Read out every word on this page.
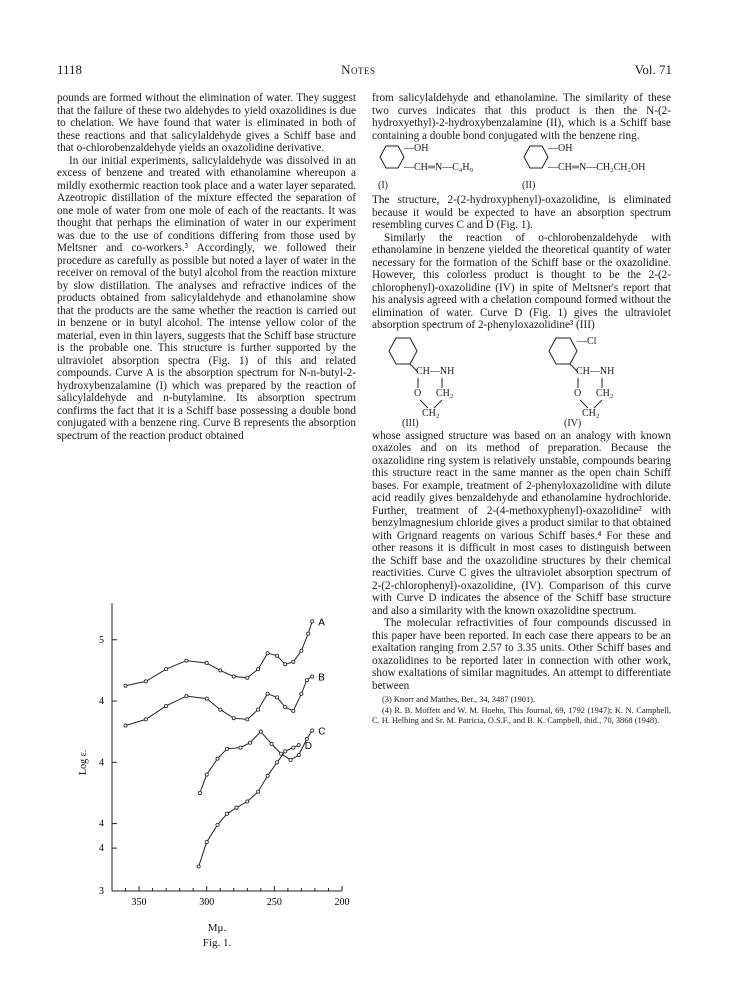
1118	Notes	Vol. 71

pounds are formed without the elimination of water. They suggest that the failure of these two aldehydes to yield oxazolidines is due to chelation. We have found that water is eliminated in both of these reactions and that salicylaldehyde gives a Schiff base and that o-chlorobenzaldehyde yields an oxazolidine derivative.

In our initial experiments, salicylaldehyde was dissolved in an excess of benzene and treated with ethanolamine whereupon a mildly exothermic reaction took place and a water layer separated. Azeotropic distillation of the mixture effected the separation of one mole of water from one mole of each of the reactants. It was thought that perhaps the elimination of water in our experiment was due to the use of conditions differing from those used by Meltsner and co-workers.³ Accordingly, we followed their procedure as carefully as possible but noted a layer of water in the receiver on removal of the butyl alcohol from the reaction mixture by slow distillation. The analyses and refractive indices of the products obtained from salicylaldehyde and ethanolamine show that the products are the same whether the reaction is carried out in benzene or in butyl alcohol. The intense yellow color of the material, even in thin layers, suggests that the Schiff base structure is the probable one. This structure is further supported by the ultraviolet absorption spectra (Fig. 1) of this and related compounds. Curve A is the absorption spectrum for N-n-butyl-2-hydroxybenzalamine (I) which was prepared by the reaction of salicylaldehyde and n-butylamine. Its absorption spectrum confirms the fact that it is a Schiff base possessing a double bond conjugated with a benzene ring. Curve B represents the absorption spectrum of the reaction product obtained

350	300	250	200
5
4
4
4
4
3
Log ε.
A
B
C
D
Mμ.
Fig. 1.

from salicylaldehyde and ethanolamine. The similarity of these two curves indicates that this product is then the N-(2-hydroxyethyl)-2-hydroxybenzalamine (II), which is a Schiff base containing a double bond conjugated with the benzene ring.

—OH
—CH═N—C₄H₉
(I)
—OH
—CH═N—CH₂CH₂OH
(II)

The structure, 2-(2-hydroxyphenyl)-oxazolidine, is eliminated because it would be expected to have an absorption spectrum resembling curves C and D (Fig. 1).

Similarly the reaction of o-chlorobenzaldehyde with ethanolamine in benzene yielded the theoretical quantity of water necessary for the formation of the Schiff base or the oxazolidine. However, this colorless product is thought to be the 2-(2-chlorophenyl)-oxazolidine (IV) in spite of Meltsner's report that his analysis agreed with a chelation compound formed without the elimination of water. Curve D (Fig. 1) gives the ultraviolet absorption spectrum of 2-phenyloxazolidine³ (III)

CH—NH
O CH₂
CH₂
(III)
—Cl
CH—NH
O CH₂
CH₂
(IV)

whose assigned structure was based on an analogy with known oxazoles and on its method of preparation. Because the oxazolidine ring system is relatively unstable, compounds bearing this structure react in the same manner as the open chain Schiff bases. For example, treatment of 2-phenyloxazolidine with dilute acid readily gives benzaldehyde and ethanolamine hydrochloride. Further, treatment of 2-(4-methoxyphenyl)-oxazolidine² with benzylmagnesium chloride gives a product similar to that obtained with Grignard reagents on various Schiff bases.⁴ For these and other reasons it is difficult in most cases to distinguish between the Schiff base and the oxazolidine structures by their chemical reactivities. Curve C gives the ultraviolet absorption spectrum of 2-(2-chlorophenyl)-oxazolidine, (IV). Comparison of this curve with Curve D indicates the absence of the Schiff base structure and also a similarity with the known oxazolidine spectrum.

The molecular refractivities of four compounds discussed in this paper have been reported. In each case there appears to be an exaltation ranging from 2.57 to 3.35 units. Other Schiff bases and oxazolidines to be reported later in connection with other work, show exaltations of similar magnitudes. An attempt to differentiate between

(3) Knorr and Matthes, Ber., 34, 3487 (1901).

(4) R. B. Moffett and W. M. Hoehn, This Journal, 69, 1792 (1947); K. N. Campbell, C. H. Helbing and Sr. M. Patricia, O.S.F., and B. K. Campbell, ibid., 70, 3868 (1948).
